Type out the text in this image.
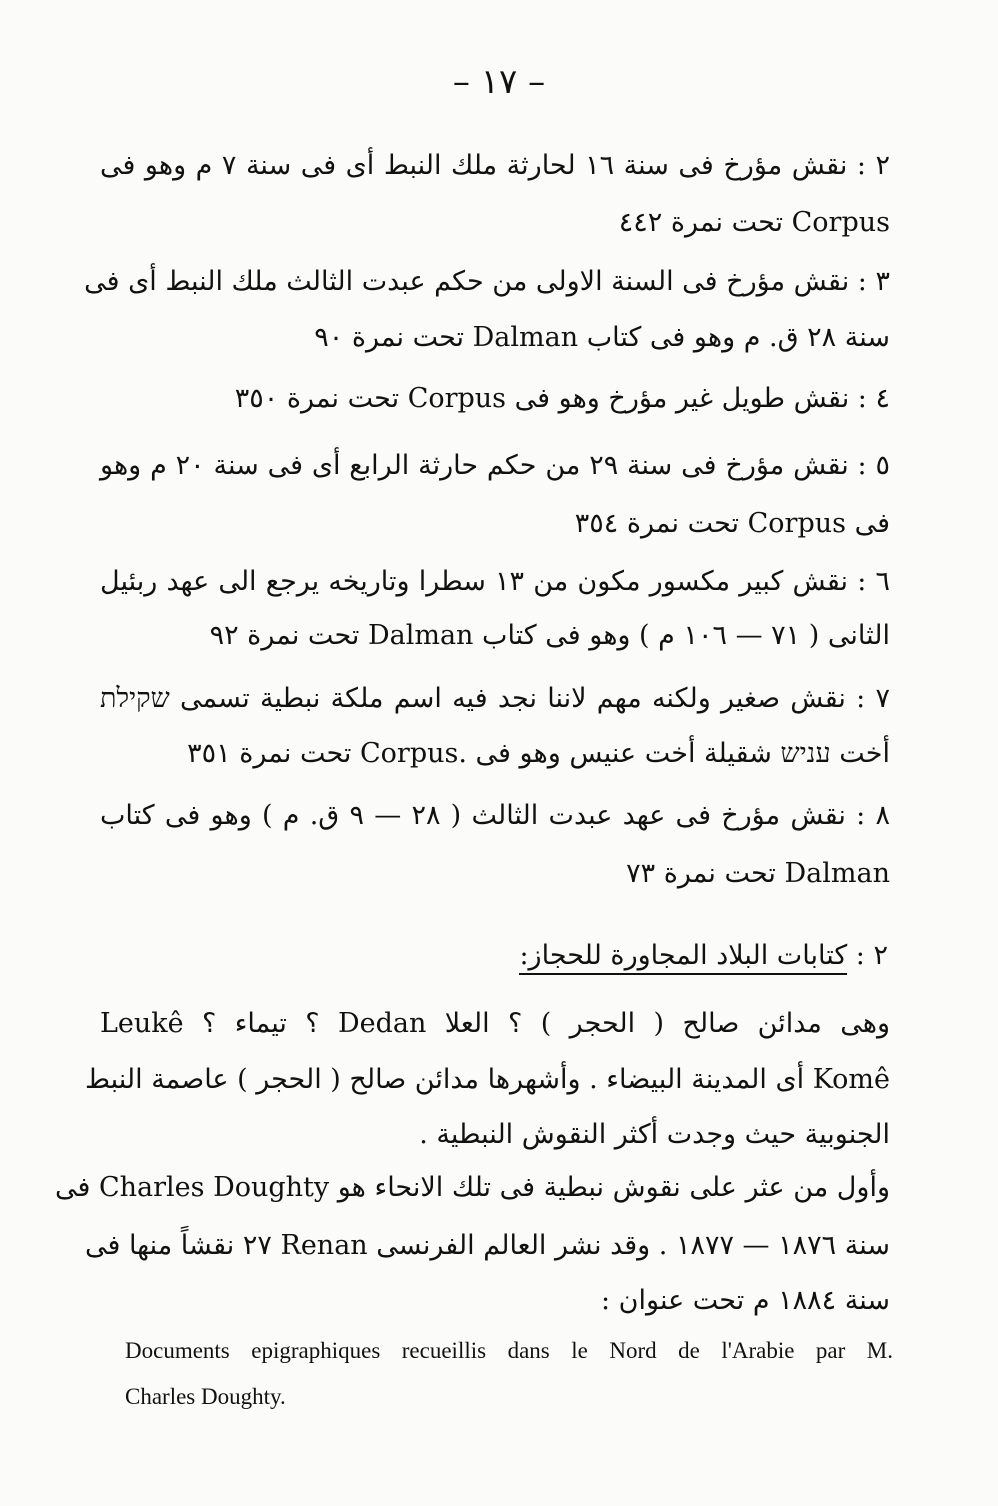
– ١٧ –

٢ : نقش مؤرخ فى سنة ١٦ لحارثة ملك النبط أى فى سنة ٧ م وهو فى

Corpus تحت نمرة ٤٤٢

٣ : نقش مؤرخ فى السنة الاولى من حكم عبدت الثالث ملك النبط أى فى

سنة ٢٨ ق. م وهو فى كتاب Dalman تحت نمرة ٩٠

٤ : نقش طويل غير مؤرخ وهو فى Corpus تحت نمرة ٣٥٠

٥ : نقش مؤرخ فى سنة ٢٩ من حكم حارثة الرابع أى فى سنة ٢٠ م وهو

فى Corpus تحت نمرة ٣٥٤

٦ : نقش كبير مكسور مكون من ١٣ سطرا وتاريخه يرجع الى عهد ربئيل

الثانى ( ٧١ — ١٠٦ م ) وهو فى كتاب Dalman تحت نمرة ٩٢

٧ : نقش صغير ولكنه مهم لاننا نجد فيه اسم ملكة نبطية تسمى שקילת

أخت עניש شقيلة أخت عنيس وهو فى .Corpus تحت نمرة ٣٥١

٨ : نقش مؤرخ فى عهد عبدت الثالث ( ٢٨ — ٩ ق. م ) وهو فى كتاب

Dalman تحت نمرة ٧٣

٢ : كتابات البلاد المجاورة للحجاز:

وهى مدائن صالح ( الحجر ) ؟ العلا Dedan ؟ تيماء ؟ Leukê

Komê أى المدينة البيضاء . وأشهرها مدائن صالح ( الحجر ) عاصمة النبط

الجنوبية حيث وجدت أكثر النقوش النبطية .

وأول من عثر على نقوش نبطية فى تلك الانحاء هو Charles Doughty فى

سنة ١٨٧٦ — ١٨٧٧ . وقد نشر العالم الفرنسى Renan ٢٧ نقشاً منها فى

سنة ١٨٨٤ م تحت عنوان :

Documents epigraphiques recueillis dans le Nord de l'Arabie par M.
Charles Doughty.
